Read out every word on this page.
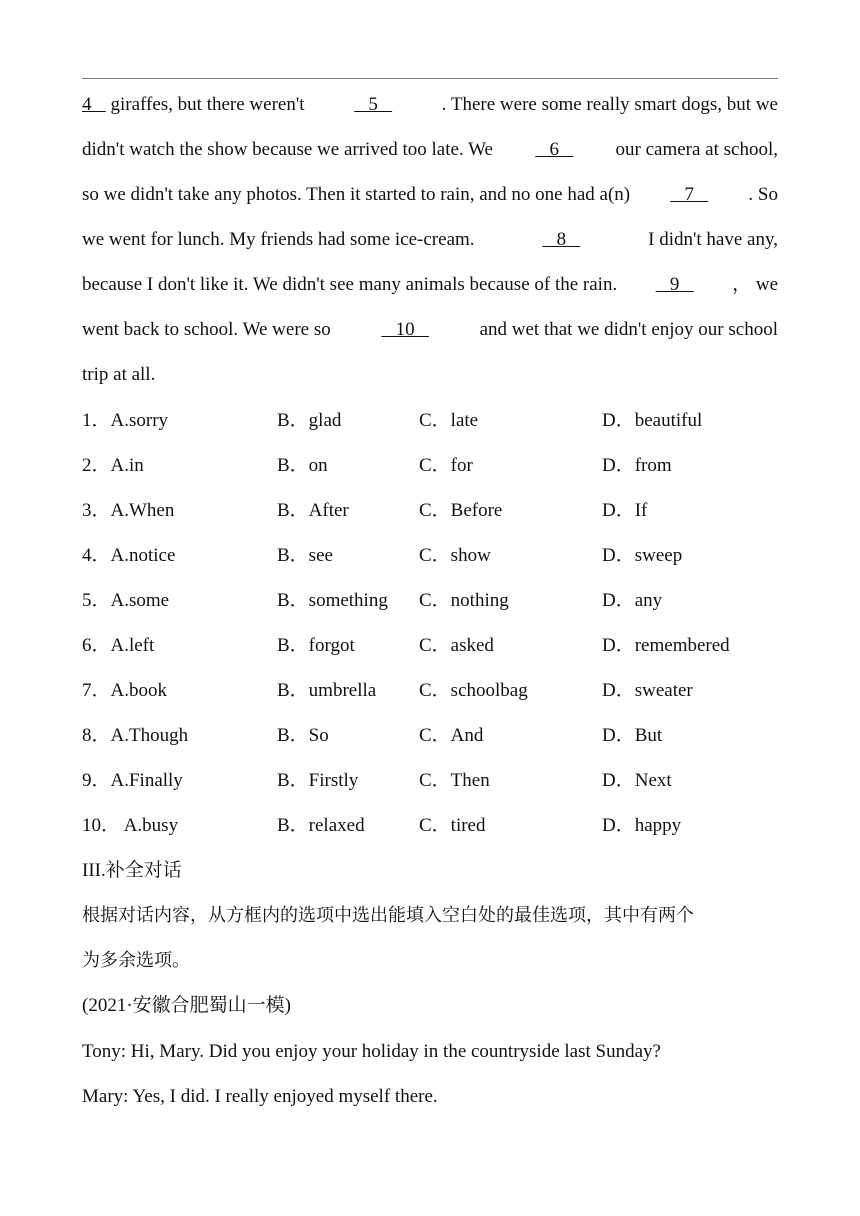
4    giraffes, but there weren't	5	. There were some really smart dogs, but we
didn't watch the show because we arrived too late. We 6 our camera at school,
so we didn't take any photos. Then it started to rain, and no one had a(n) 7 . So
we went for lunch. My friends had some ice-cream.	8	I didn't have any,
because I don't like it. We didn't see many animals because of the rain. 9 ， we
went back to school. We were so	10	and wet that we didn't enjoy our school
trip at all.
1．A.sorry	B．glad	C．late	D．beautiful
2．A.in	B．on	C．for	D．from
3．A.When	B．After	C．Before	D．If
4．A.notice	B．see	C．show	D．sweep
5．A.some	B．something C．nothing	D．any
6．A.left	B．forgot	C．asked	D．remembered
7．A.book	B．umbrella C．schoolbag	D．sweater
8．A.Though	B．So	C．And	D．But
9．A.Finally	B．Firstly	C．Then	D．Next
10． A.busy	B．relaxed	C．tired	D．happy
III.补全对话
根据对话内容，从方框内的选项中选出能填入空白处的最佳选项，其中有两个
为多余选项。
(2021·安徽合肥蜀山一模)
Tony: Hi, Mary. Did you enjoy your holiday in the countryside last Sunday?
Mary: Yes, I did. I really enjoyed myself there.
